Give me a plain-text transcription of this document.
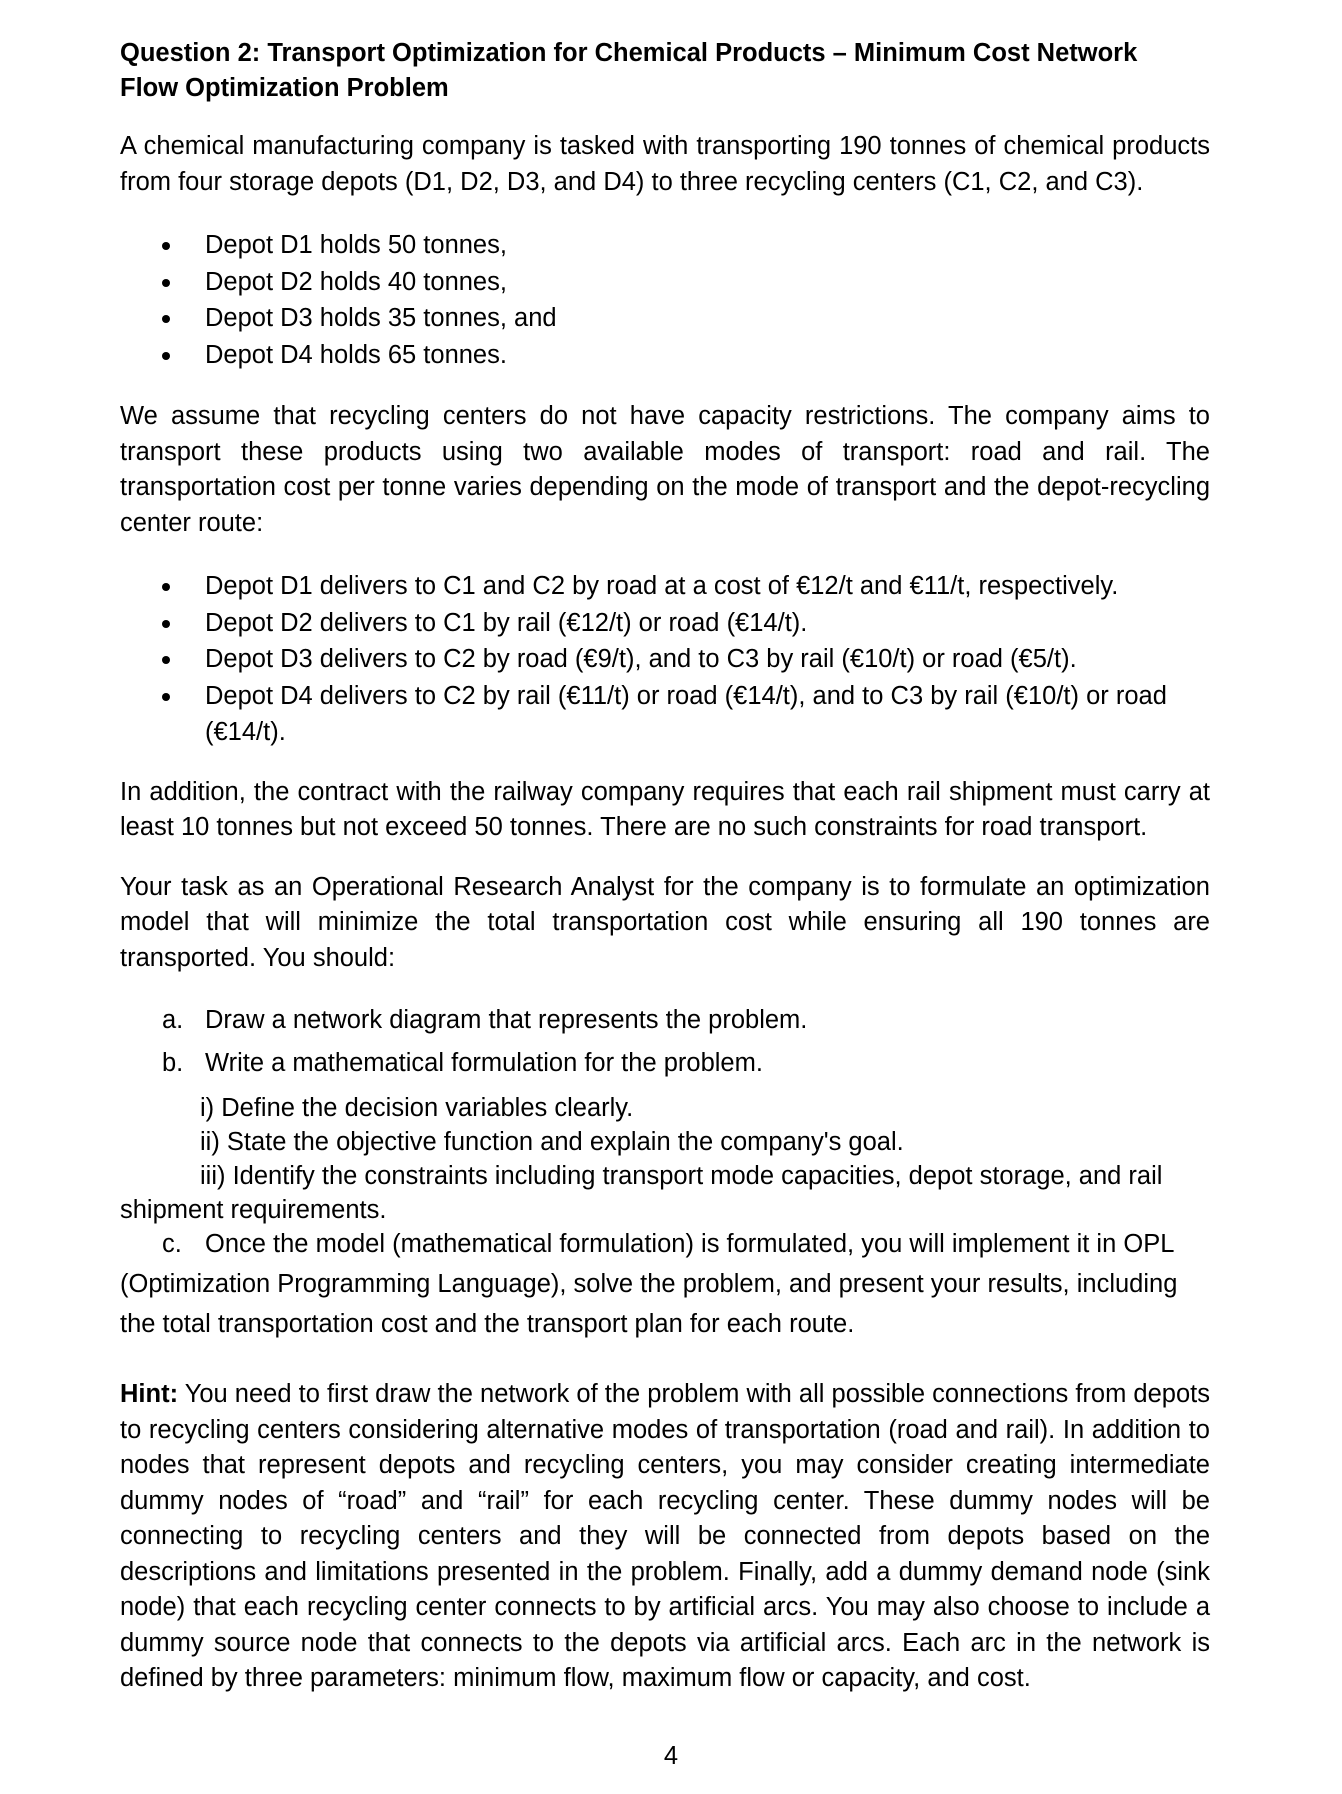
Question 2: Transport Optimization for Chemical Products – Minimum Cost Network
Flow Optimization Problem

A chemical manufacturing company is tasked with transporting 190 tonnes of chemical products from four storage depots (D1, D2, D3, and D4) to three recycling centers (C1, C2, and C3).

Depot D1 holds 50 tonnes,
Depot D2 holds 40 tonnes,
Depot D3 holds 35 tonnes, and
Depot D4 holds 65 tonnes.

We assume that recycling centers do not have capacity restrictions. The company aims to transport these products using two available modes of transport: road and rail. The transportation cost per tonne varies depending on the mode of transport and the depot-recycling center route:

Depot D1 delivers to C1 and C2 by road at a cost of €12/t and €11/t, respectively.
Depot D2 delivers to C1 by rail (€12/t) or road (€14/t).
Depot D3 delivers to C2 by road (€9/t), and to C3 by rail (€10/t) or road (€5/t).
Depot D4 delivers to C2 by rail (€11/t) or road (€14/t), and to C3 by rail (€10/t) or road (€14/t).

In addition, the contract with the railway company requires that each rail shipment must carry at least 10 tonnes but not exceed 50 tonnes. There are no such constraints for road transport.

Your task as an Operational Research Analyst for the company is to formulate an optimization model that will minimize the total transportation cost while ensuring all 190 tonnes are transported. You should:

a. Draw a network diagram that represents the problem.
b. Write a mathematical formulation for the problem.
i) Define the decision variables clearly.
ii) State the objective function and explain the company's goal.
iii) Identify the constraints including transport mode capacities, depot storage, and rail
shipment requirements.
c. Once the model (mathematical formulation) is formulated, you will implement it in OPL
(Optimization Programming Language), solve the problem, and present your results, including
the total transportation cost and the transport plan for each route.

Hint: You need to first draw the network of the problem with all possible connections from depots to recycling centers considering alternative modes of transportation (road and rail). In addition to nodes that represent depots and recycling centers, you may consider creating intermediate dummy nodes of “road” and “rail” for each recycling center. These dummy nodes will be connecting to recycling centers and they will be connected from depots based on the descriptions and limitations presented in the problem. Finally, add a dummy demand node (sink node) that each recycling center connects to by artificial arcs. You may also choose to include a dummy source node that connects to the depots via artificial arcs. Each arc in the network is defined by three parameters: minimum flow, maximum flow or capacity, and cost.

4
